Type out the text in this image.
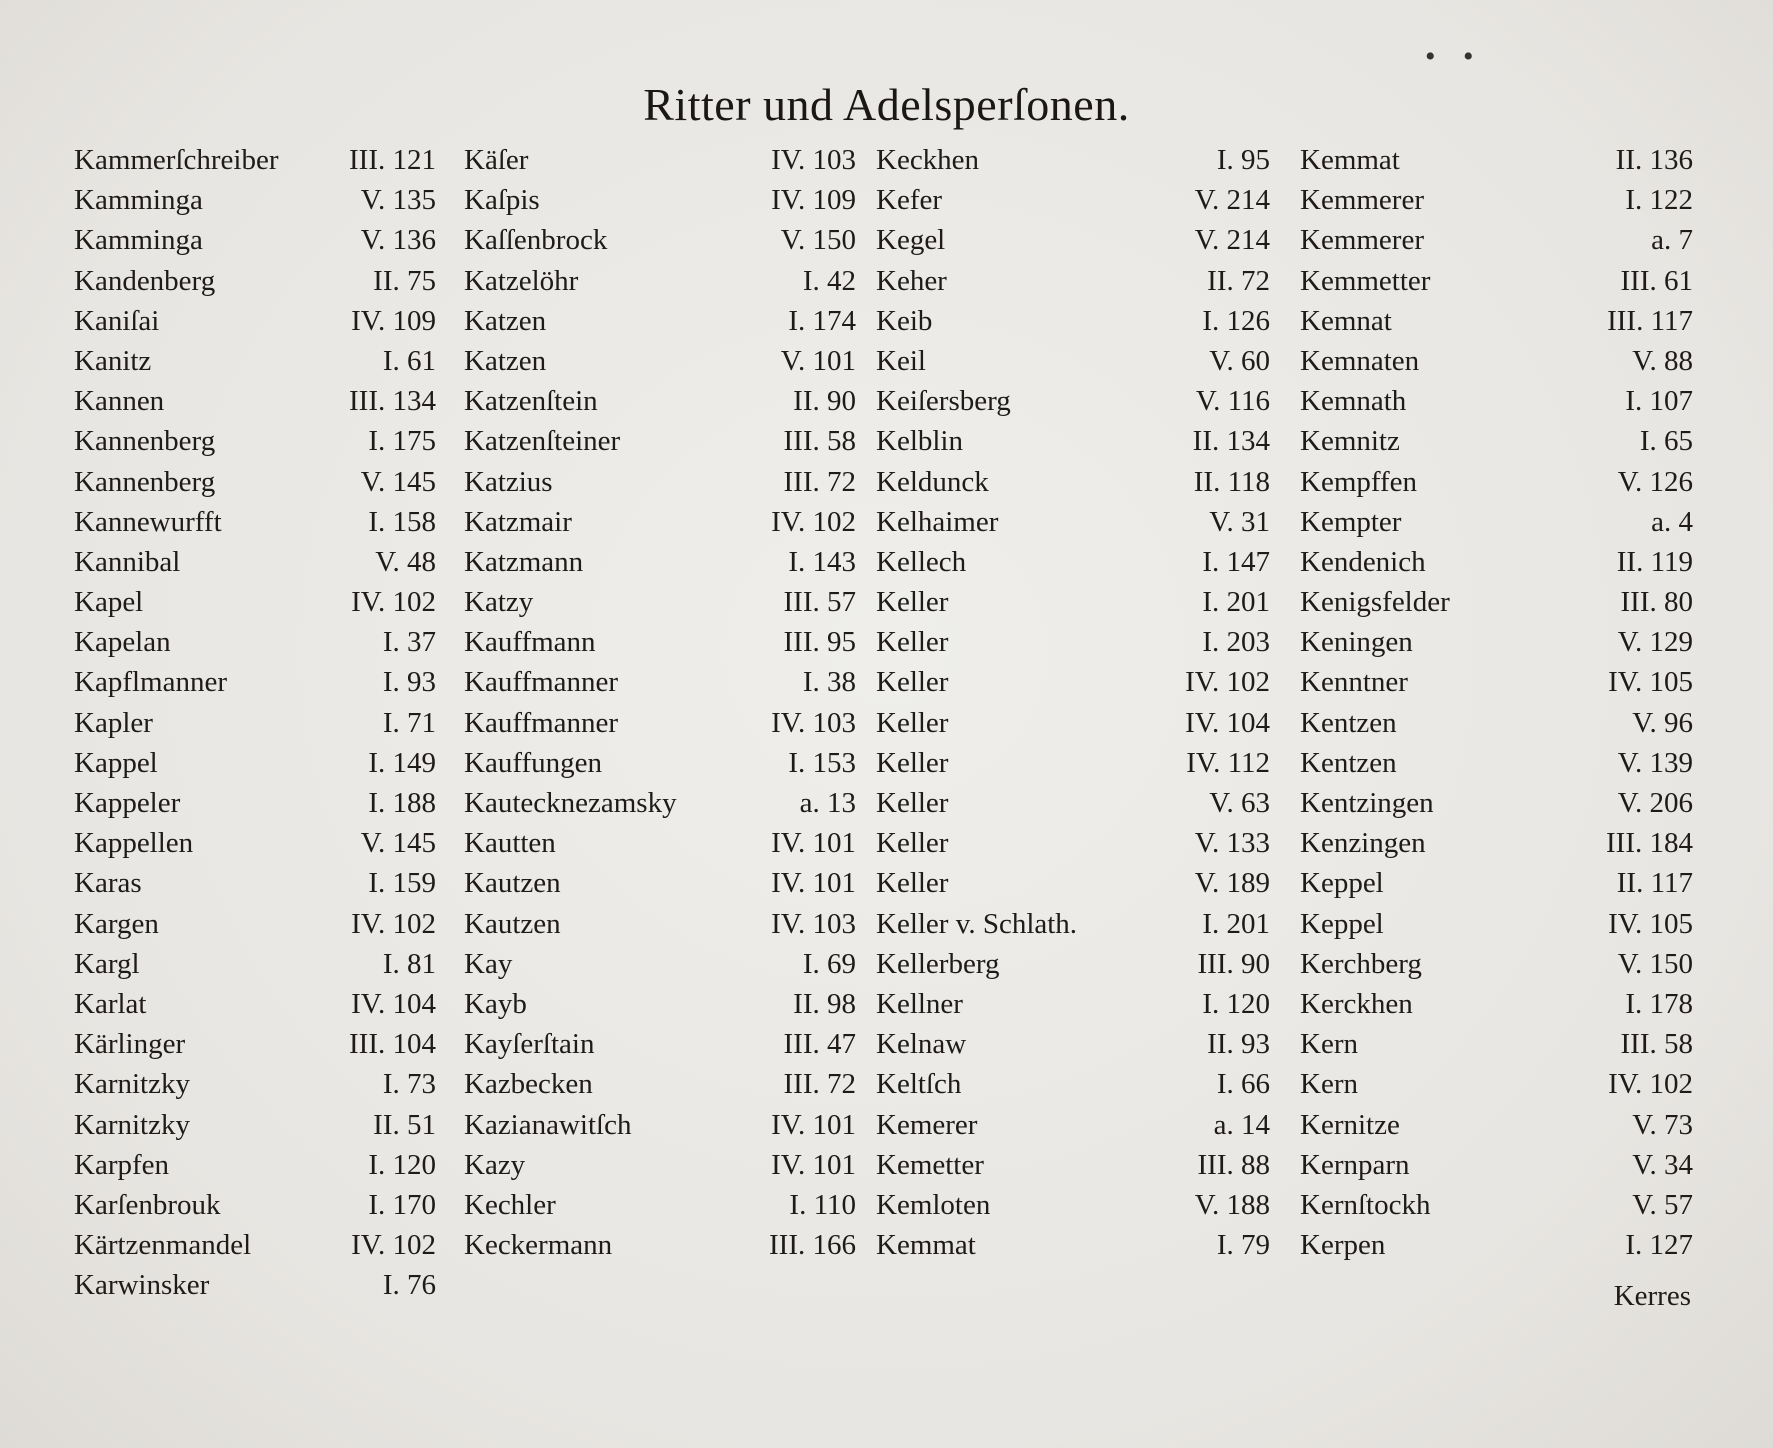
• •
Ritter und Adelsperſonen.
Kammerſchreiber III. 121
Kamminga	V. 135
Kamminga	V. 136
Kandenberg	II. 75
Kaniſai	IV. 109
Kanitz	I. 61
Kannen	III. 134
Kannenberg	I. 175
Kannenberg	V. 145
Kannewurfft	I. 158
Kannibal	V. 48
Kapel	IV. 102
Kapelan	I. 37
Kapflmanner	I. 93
Kapler	I. 71
Kappel	I. 149
Kappeler	I. 188
Kappellen	V. 145
Karas	I. 159
Kargen	IV. 102
Kargl	I. 81
Karlat	IV. 104
Kärlinger	III. 104
Karnitzky	I. 73
Karnitzky	II. 51
Karpfen	I. 120
Karſenbrouk	I. 170
Kärtzenmandel	IV. 102
Karwinsker	I. 76
Käſer	IV. 103
Kaſpis	IV. 109
Kaſſenbrock	V. 150
Katzelöhr	I. 42
Katzen	I. 174
Katzen	V. 101
Katzenſtein	II. 90
Katzenſteiner	III. 58
Katzius	III. 72
Katzmair	IV. 102
Katzmann	I. 143
Katzy	III. 57
Kauffmann	III. 95
Kauffmanner	I. 38
Kauffmanner	IV. 103
Kauffungen	I. 153
Kautecknezamsky	a. 13
Kautten	IV. 101
Kautzen	IV. 101
Kautzen	IV. 103
Kay	I. 69
Kayb	II. 98
Kayſerſtain	III. 47
Kazbecken	III. 72
Kazianawitſch	IV. 101
Kazy	IV. 101
Kechler	I. 110
Keckermann	III. 166
Keckhen	I. 95
Kefer	V. 214
Kegel	V. 214
Keher	II. 72
Keib	I. 126
Keil	V. 60
Keiſersberg	V. 116
Kelblin	II. 134
Keldunck	II. 118
Kelhaimer	V. 31
Kellech	I. 147
Keller	I. 201
Keller	I. 203
Keller	IV. 102
Keller	IV. 104
Keller	IV. 112
Keller	V. 63
Keller	V. 133
Keller	V. 189
Keller v. Schlath.	I. 201
Kellerberg	III. 90
Kellner	I. 120
Kelnaw	II. 93
Keltſch	I. 66
Kemerer	a. 14
Kemetter	III. 88
Kemloten	V. 188
Kemmat	I. 79
Kemmat	II. 136
Kemmerer	I. 122
Kemmerer	a. 7
Kemmetter	III. 61
Kemnat	III. 117
Kemnaten	V. 88
Kemnath	I. 107
Kemnitz	I. 65
Kempffen	V. 126
Kempter	a. 4
Kendenich	II. 119
Kenigsfelder	III. 80
Keningen	V. 129
Kenntner	IV. 105
Kentzen	V. 96
Kentzen	V. 139
Kentzingen	V. 206
Kenzingen	III. 184
Keppel	II. 117
Keppel	IV. 105
Kerchberg	V. 150
Kerckhen	I. 178
Kern	III. 58
Kern	IV. 102
Kernitze	V. 73
Kernparn	V. 34
Kernſtockh	V. 57
Kerpen	I. 127
Kerres
